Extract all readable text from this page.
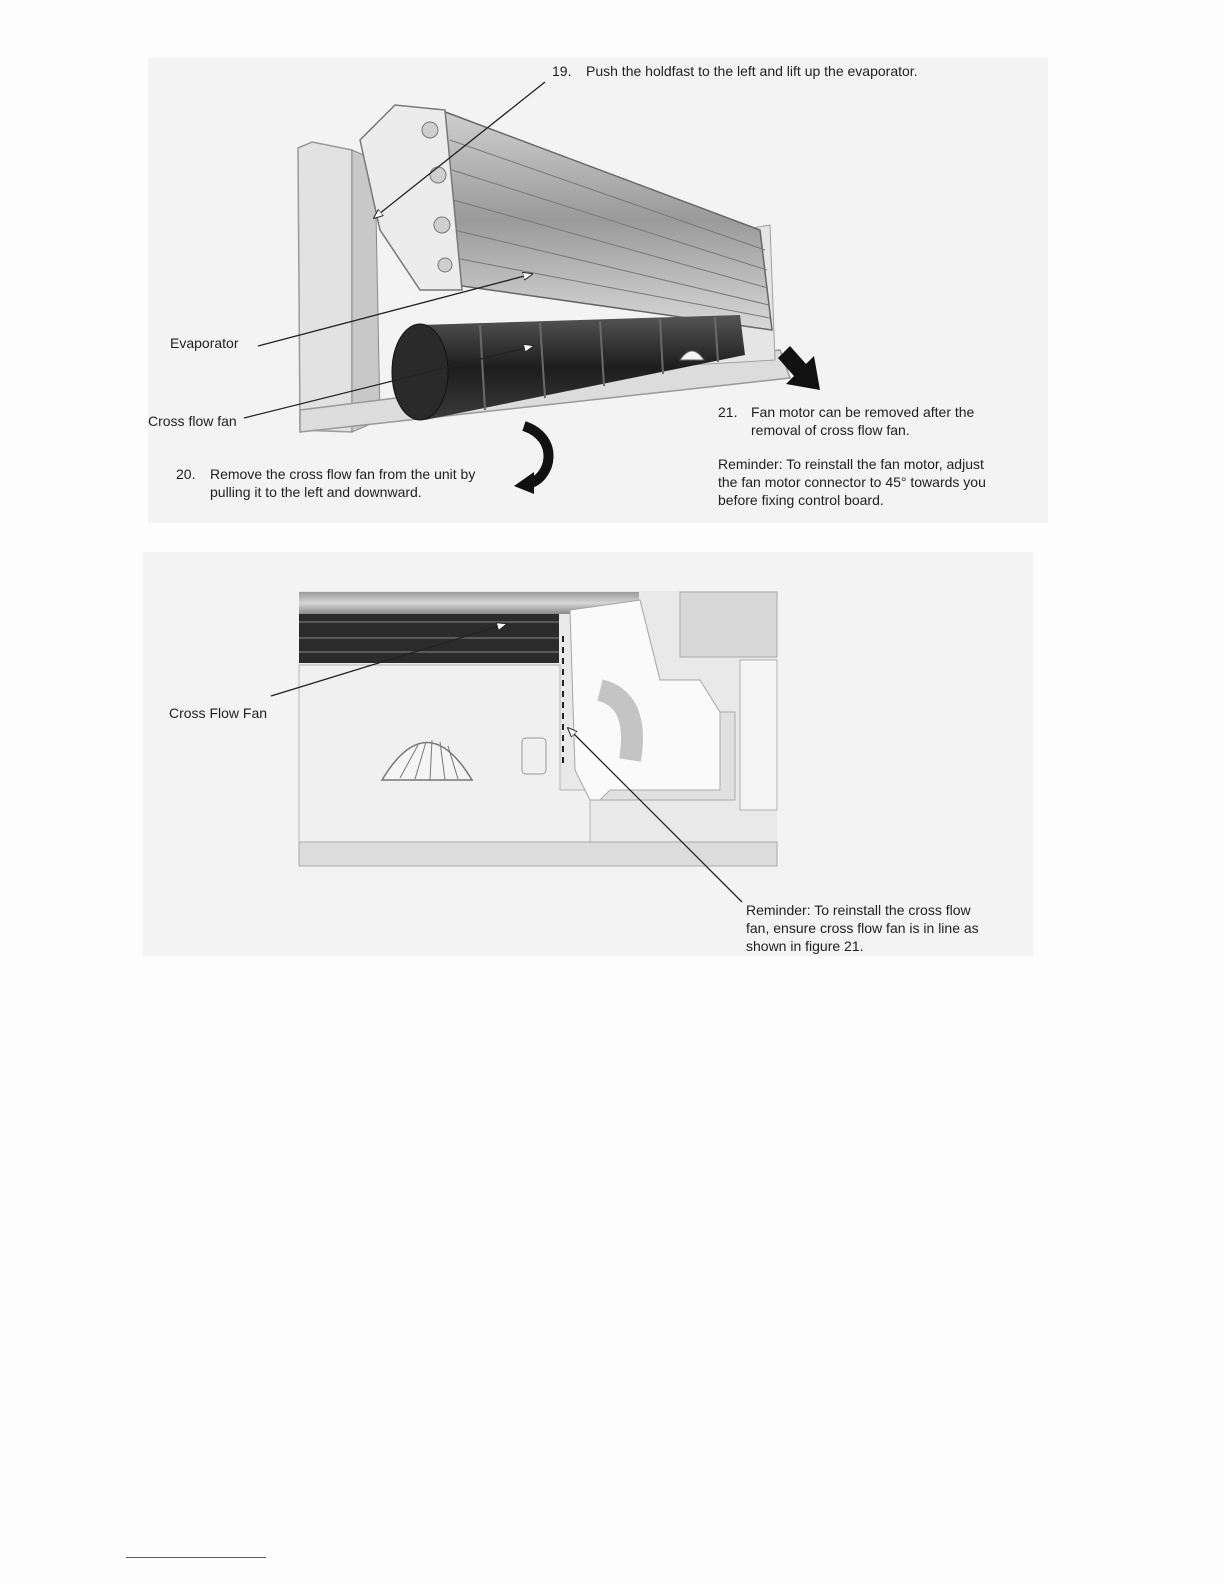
19. Push the holdfast to the left and lift up the evaporator.
Evaporator
Cross flow fan
20. Remove the cross flow fan from the unit by
pulling it to the left and downward.
21. Fan motor can be removed after the
removal of cross flow fan.
Reminder: To reinstall the fan motor, adjust
the fan motor connector to 45° towards you
before fixing control board.
Cross Flow Fan
Reminder: To reinstall the cross flow
fan, ensure cross flow fan is in line as
shown in figure 21.
